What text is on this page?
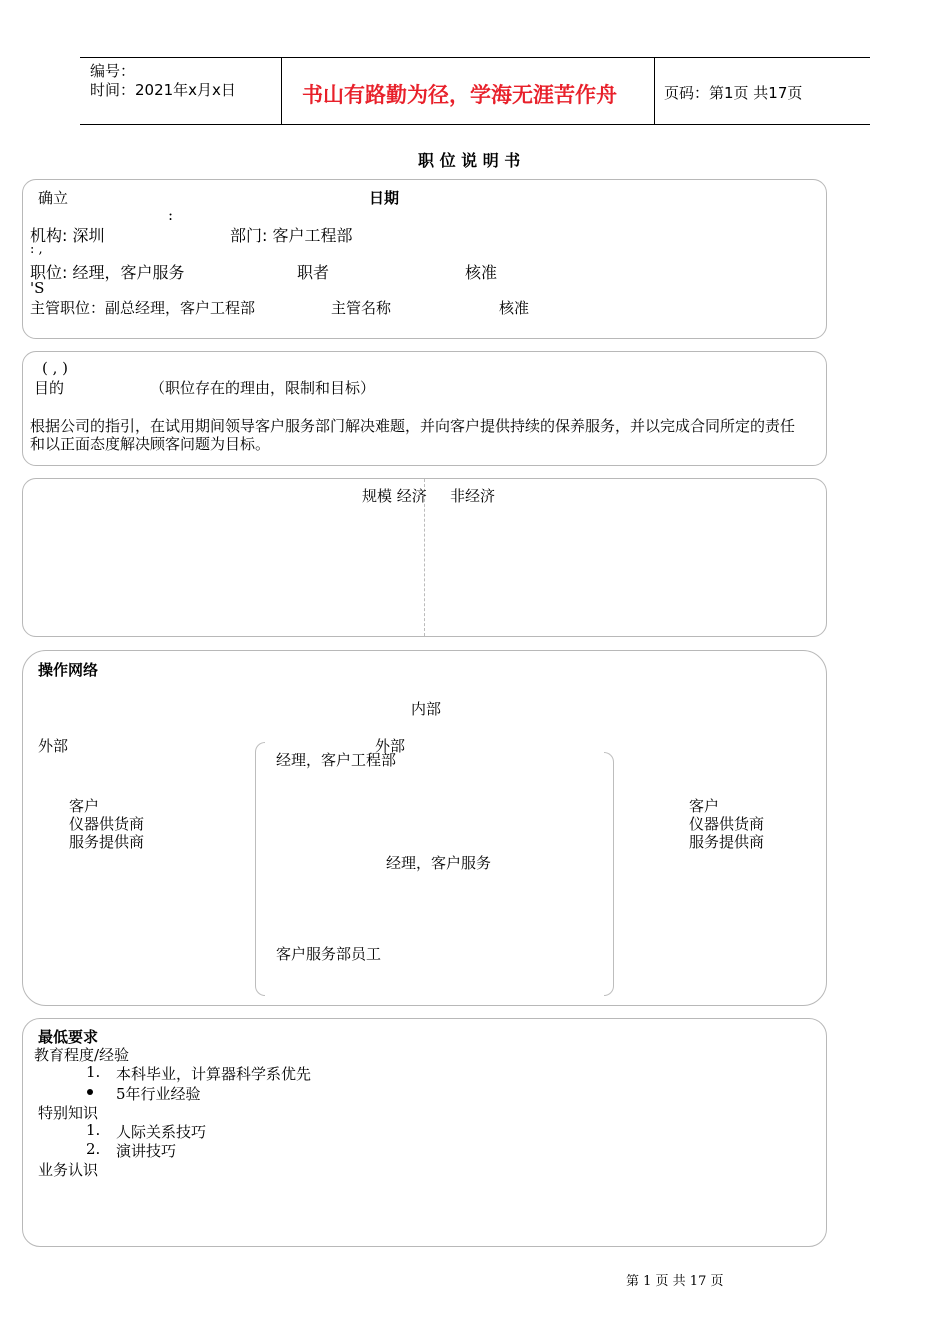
编号：
时间：2021年x月x日	书山有路勤为径，学海无涯苦作舟	页码：第1页 共17页
职 位 说 明 书
确立	日期
:
机构: 深圳	部门: 客户工程部
: ,
职位: 经理，客户服务	职者	核准
'S
主管职位：副总经理，客户工程部	主管名称	核准
( , )
目的	（职位存在的理由，限制和目标）
根据公司的指引，在试用期间领导客户服务部门解决难题，并向客户提供持续的保养服务，并以完成合同所定的责任
和以正面态度解决顾客问题为目标。
规模 经济 非经济
操作网络
内部
外部	外部
客户
仪器供货商
服务提供商
客户
仪器供货商
服务提供商
经理，客户工程部
经理，客户服务
客户服务部员工
最低要求
教育程度/经验
1. 本科毕业，计算器科学系优先
5年行业经验
特别知识
1. 人际关系技巧
2. 演讲技巧
业务认识
第 1 页 共 17 页
